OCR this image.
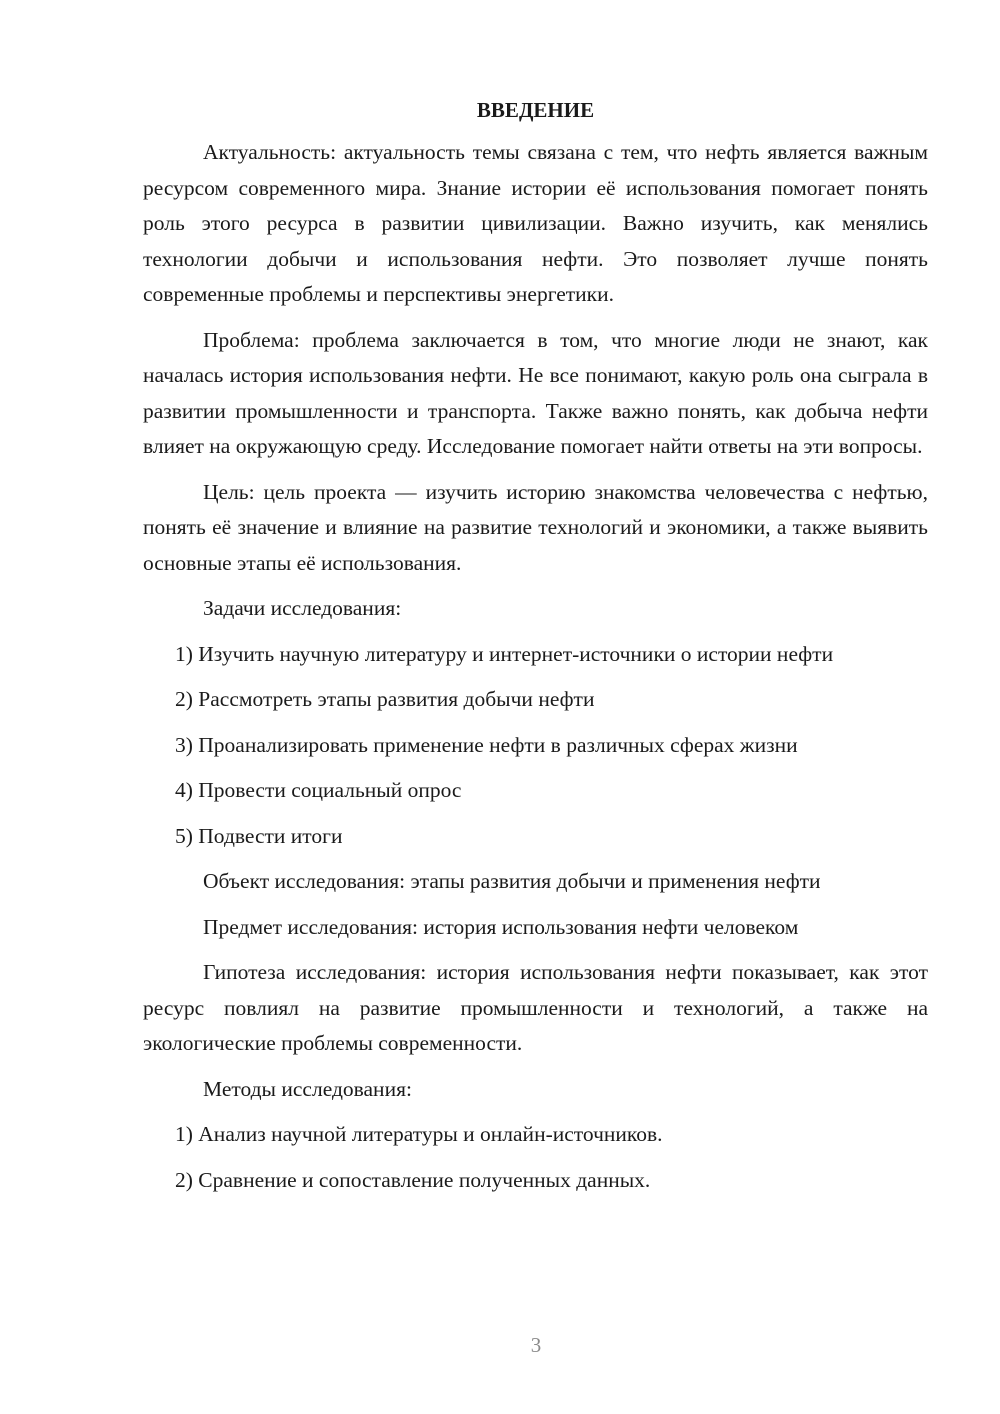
ВВЕДЕНИЕ
Актуальность: актуальность темы связана с тем, что нефть является важным ресурсом современного мира. Знание истории её использования помогает понять роль этого ресурса в развитии цивилизации. Важно изучить, как менялись технологии добычи и использования нефти. Это позволяет лучше понять современные проблемы и перспективы энергетики.
Проблема: проблема заключается в том, что многие люди не знают, как началась история использования нефти. Не все понимают, какую роль она сыграла в развитии промышленности и транспорта. Также важно понять, как добыча нефти влияет на окружающую среду. Исследование помогает найти ответы на эти вопросы.
Цель: цель проекта — изучить историю знакомства человечества с нефтью, понять её значение и влияние на развитие технологий и экономики, а также выявить основные этапы её использования.
Задачи исследования:
1) Изучить научную литературу и интернет-источники о истории нефти
2) Рассмотреть этапы развития добычи нефти
3) Проанализировать применение нефти в различных сферах жизни
4) Провести социальный опрос
5) Подвести итоги
Объект исследования: этапы развития добычи и применения нефти
Предмет исследования: история использования нефти человеком
Гипотеза исследования: история использования нефти показывает, как этот ресурс повлиял на развитие промышленности и технологий, а также на экологические проблемы современности.
Методы исследования:
1) Анализ научной литературы и онлайн-источников.
2) Сравнение и сопоставление полученных данных.
3
